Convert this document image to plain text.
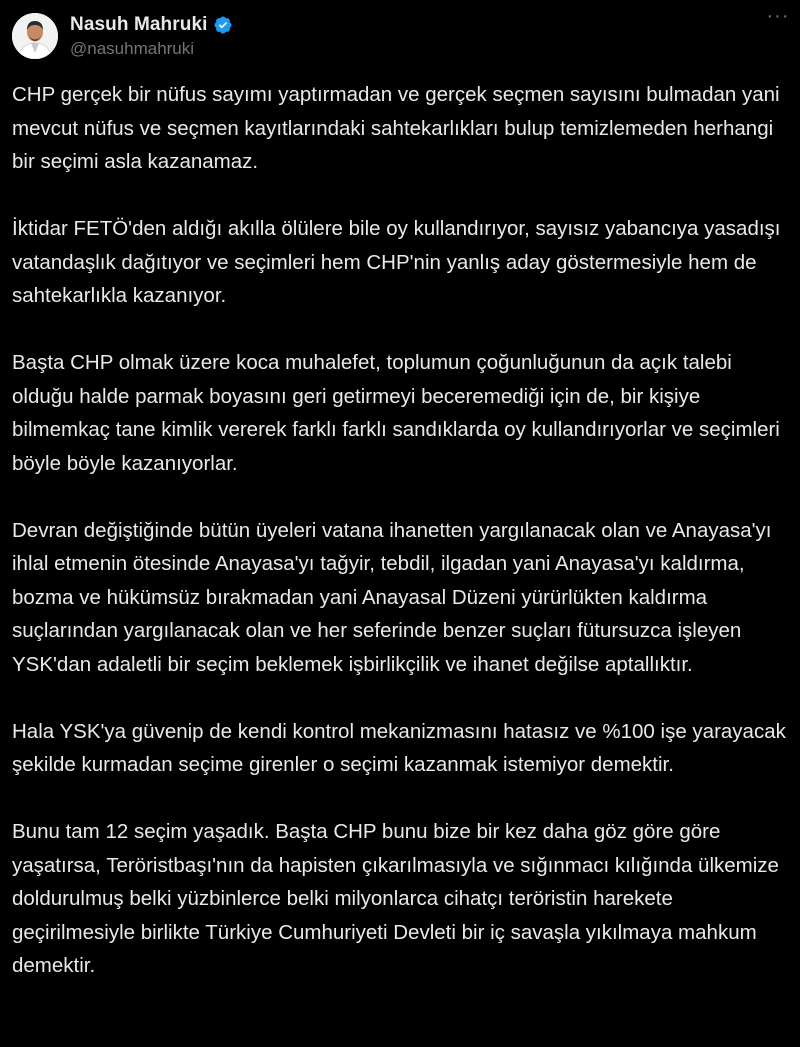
Nasuh Mahruki
@nasuhmahruki
···

CHP gerçek bir nüfus sayımı yaptırmadan ve gerçek seçmen sayısını bulmadan yani mevcut nüfus ve seçmen kayıtlarındaki sahtekarlıkları bulup temizlemeden herhangi bir seçimi asla kazanamaz.

İktidar FETÖ'den aldığı akılla ölülere bile oy kullandırıyor, sayısız yabancıya yasadışı vatandaşlık dağıtıyor ve seçimleri hem CHP'nin yanlış aday göstermesiyle hem de sahtekarlıkla kazanıyor.

Başta CHP olmak üzere koca muhalefet, toplumun çoğunluğunun da açık talebi olduğu halde parmak boyasını geri getirmeyi beceremediği için de, bir kişiye bilmemkaç tane kimlik vererek farklı farklı sandıklarda oy kullandırıyorlar ve seçimleri böyle böyle kazanıyorlar.

Devran değiştiğinde bütün üyeleri vatana ihanetten yargılanacak olan ve Anayasa'yı ihlal etmenin ötesinde Anayasa'yı tağyir, tebdil, ilgadan yani Anayasa'yı kaldırma, bozma ve hükümsüz bırakmadan yani Anayasal Düzeni yürürlükten kaldırma suçlarından yargılanacak olan ve her seferinde benzer suçları fütursuzca işleyen YSK'dan adaletli bir seçim beklemek işbirlikçilik ve ihanet değilse aptallıktır.

Hala YSK'ya güvenip de kendi kontrol mekanizmasını hatasız ve %100 işe yarayacak şekilde kurmadan seçime girenler o seçimi kazanmak istemiyor demektir.

Bunu tam 12 seçim yaşadık. Başta CHP bunu bize bir kez daha göz göre göre yaşatırsa, Teröristbaşı'nın da hapisten çıkarılmasıyla ve sığınmacı kılığında ülkemize doldurulmuş belki yüzbinlerce belki milyonlarca cihatçı teröristin harekete geçirilmesiyle birlikte Türkiye Cumhuriyeti Devleti bir iç savaşla yıkılmaya mahkum demektir.
